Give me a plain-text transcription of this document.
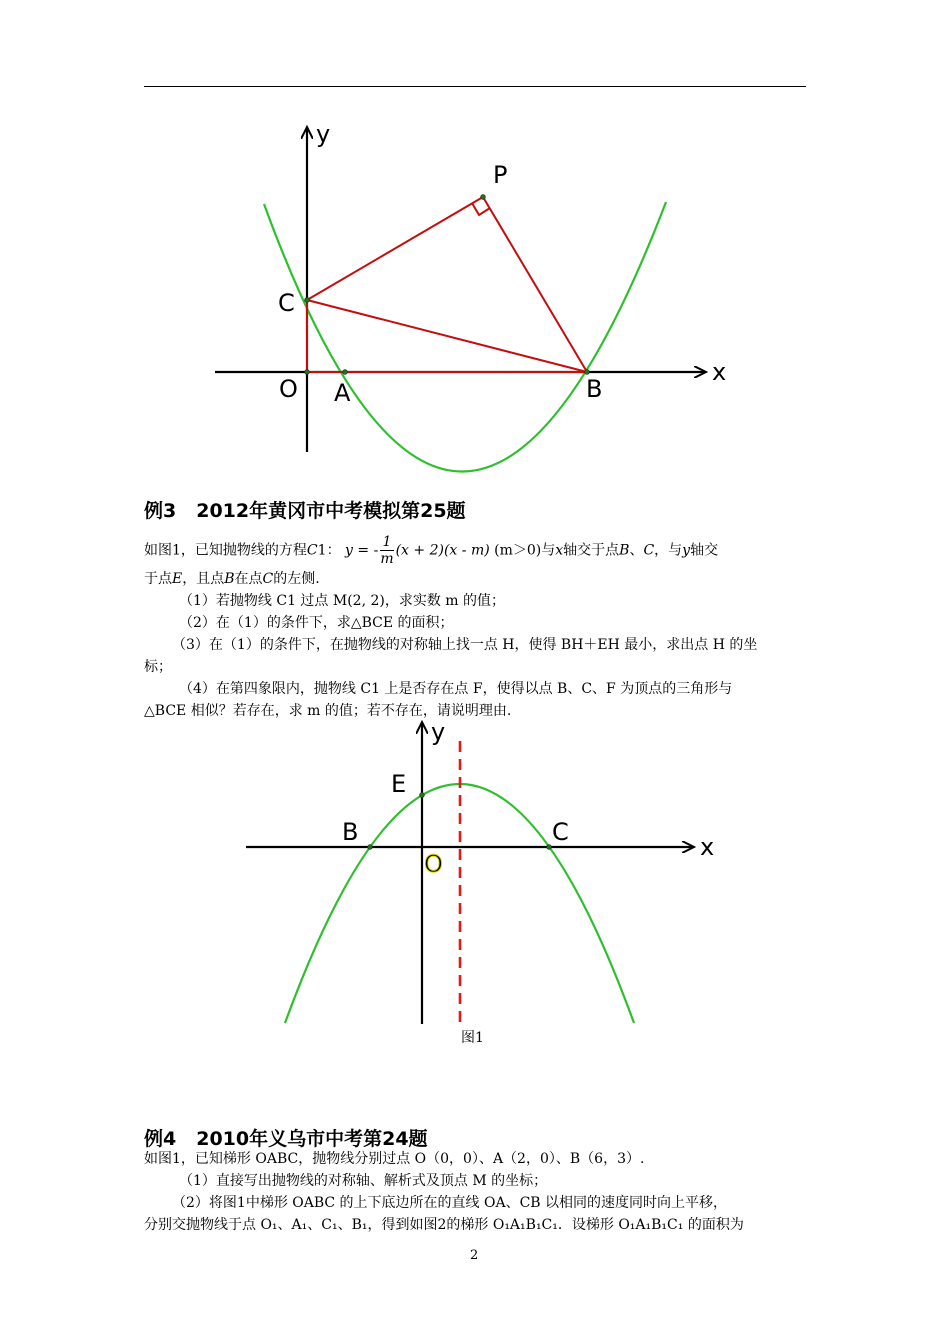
y
x
P
C
O A	B
例3 2012年黄冈市中考模拟第25题
如图1，已知抛物线的方程C1： y = - $\frac{1}{m} (x + 2)(x - m)$ (m＞0)与x轴交于点B、C，与y轴交
于点E，且点B在点C的左侧.
（1）若抛物线 C1 过点 M(2, 2)，求实数 m 的值；
（2）在（1）的条件下，求△BCE 的面积；
（3）在（1）的条件下，在抛物线的对称轴上找一点 H，使得 BH＋EH 最小，求出点 H 的坐
标；
（4）在第四象限内，抛物线 C1 上是否存在点 F，使得以点 B、C、F 为顶点的三角形与
△BCE 相似？若存在，求 m 的值；若不存在，请说明理由.
y
x
E
B	C
O
图1
例4 2010年义乌市中考第24题
如图1，已知梯形 OABC，抛物线分别过点 O（0，0）、A（2，0）、B（6，3）.
（1）直接写出抛物线的对称轴、解析式及顶点 M 的坐标；
（2）将图1中梯形 OABC 的上下底边所在的直线 OA、CB 以相同的速度同时向上平移，
分别交抛物线于点 O₁、A₁、C₁、B₁，得到如图2的梯形 O₁A₁B₁C₁．设梯形 O₁A₁B₁C₁ 的面积为
2
